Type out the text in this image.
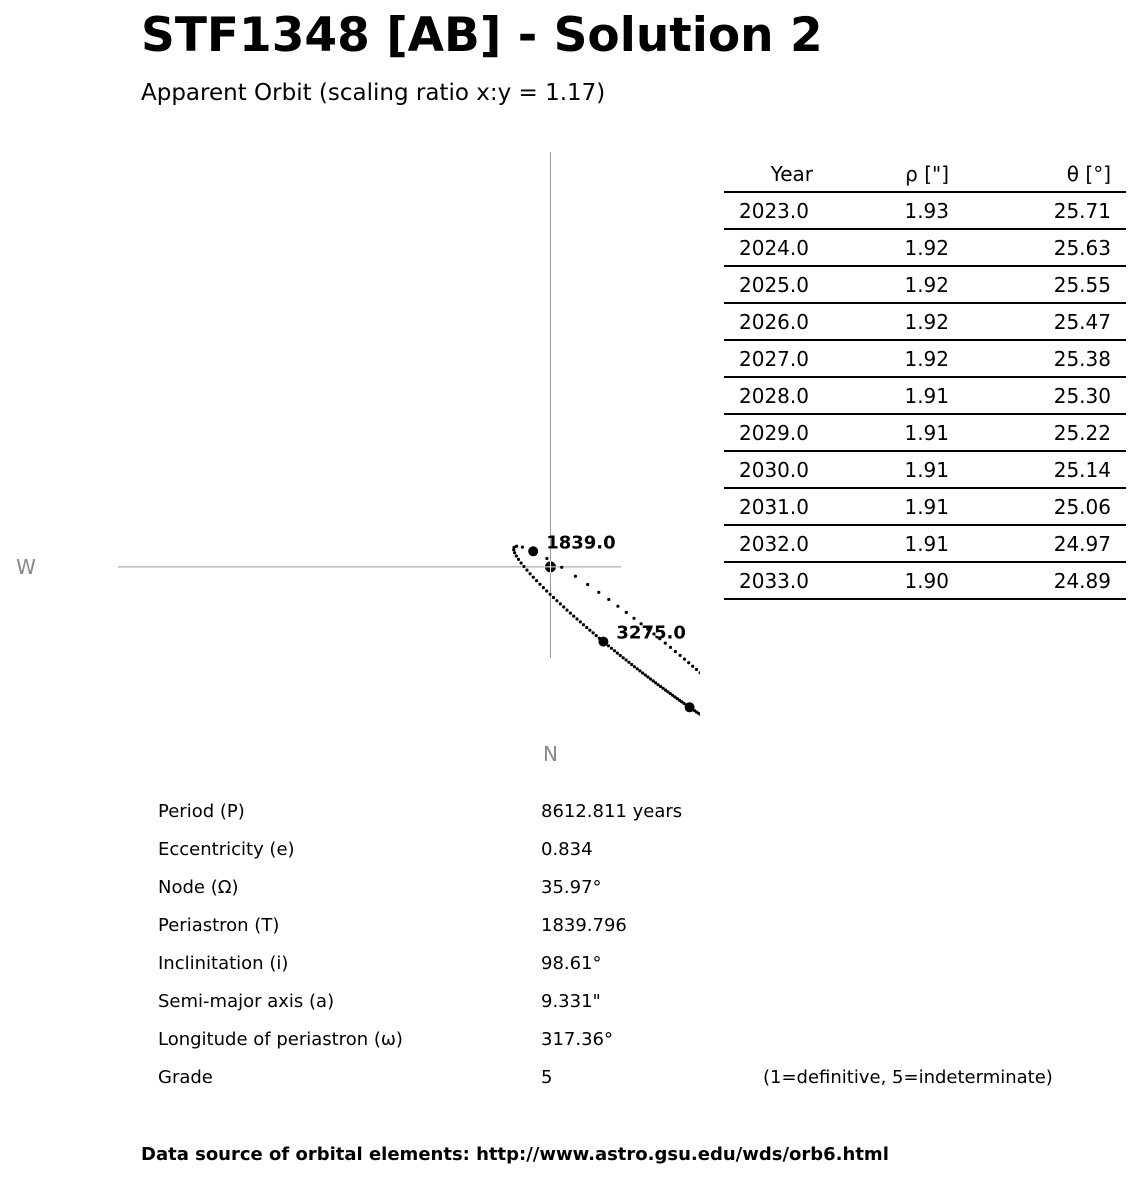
STF1348 [AB] - Solution 2
Apparent Orbit (scaling ratio x:y = 1.17)
1839.0
3275.0
W
N
Year	ρ ["]	θ [°]
2023.0	1.93	25.71
2024.0	1.92	25.63
2025.0	1.92	25.55
2026.0	1.92	25.47
2027.0	1.92	25.38
2028.0	1.91	25.30
2029.0	1.91	25.22
2030.0	1.91	25.14
2031.0	1.91	25.06
2032.0	1.91	24.97
2033.0	1.90	24.89
Period (P)	8612.811 years
Eccentricity (e)	0.834
Node (Ω)	35.97°
Periastron (T)	1839.796
Inclinitation (i)	98.61°
Semi-major axis (a)	9.331"
Longitude of periastron (ω)	317.36°
Grade	5	(1=definitive, 5=indeterminate)
Data source of orbital elements: http://www.astro.gsu.edu/wds/orb6.html
